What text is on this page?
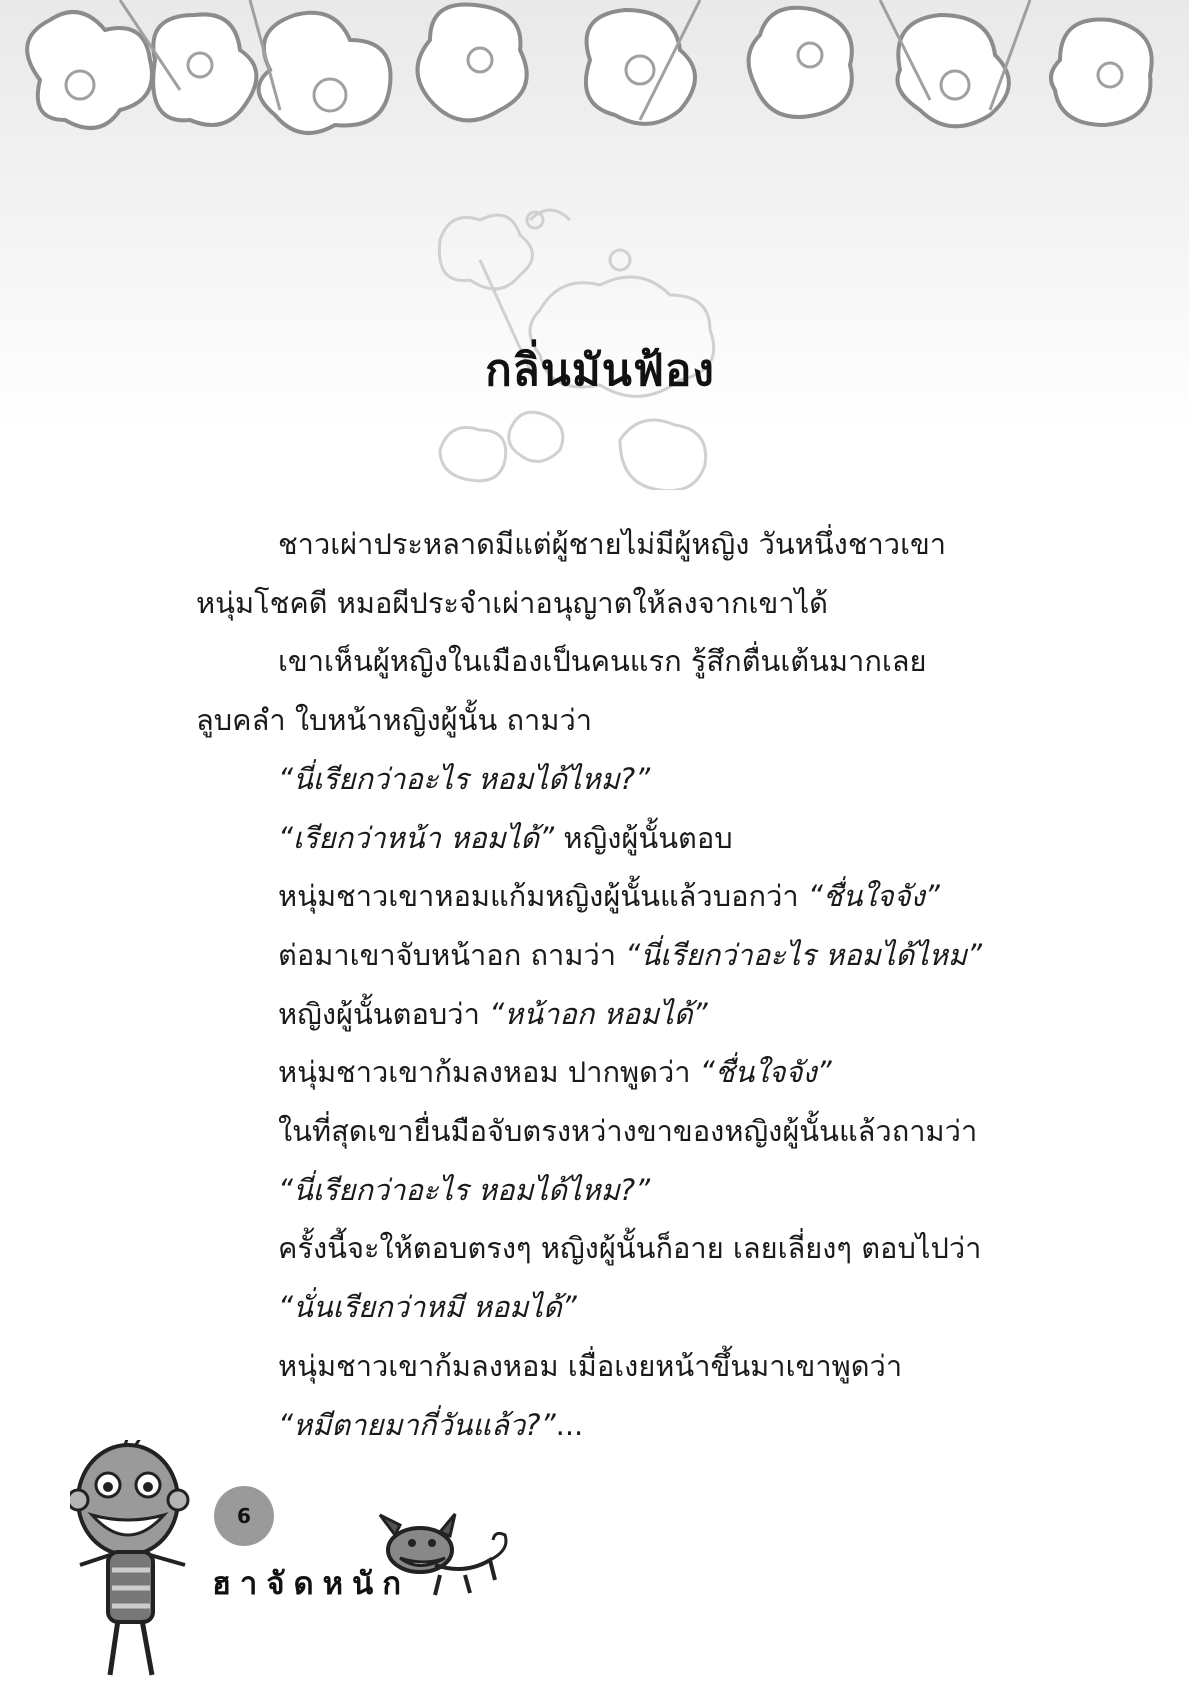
กลิ่นมันฟ้อง

ชาวเผ่าประหลาดมีแต่ผู้ชายไม่มีผู้หญิง วันหนึ่งชาวเขา

หนุ่มโชคดี หมอผีประจำเผ่าอนุญาตให้ลงจากเขาได้

เขาเห็นผู้หญิงในเมืองเป็นคนแรก รู้สึกตื่นเต้นมากเลย

ลูบคลำ ใบหน้าหญิงผู้นั้น ถามว่า

“นี่เรียกว่าอะไร หอมได้ไหม?”

“เรียกว่าหน้า หอมได้” หญิงผู้นั้นตอบ

หนุ่มชาวเขาหอมแก้มหญิงผู้นั้นแล้วบอกว่า “ชื่นใจจัง”

ต่อมาเขาจับหน้าอก ถามว่า “นี่เรียกว่าอะไร หอมได้ไหม”

หญิงผู้นั้นตอบว่า “หน้าอก หอมได้”

หนุ่มชาวเขาก้มลงหอม ปากพูดว่า “ชื่นใจจัง”

ในที่สุดเขายื่นมือจับตรงหว่างขาของหญิงผู้นั้นแล้วถามว่า

“นี่เรียกว่าอะไร หอมได้ไหม?”

ครั้งนี้จะให้ตอบตรงๆ หญิงผู้นั้นก็อาย เลยเลี่ยงๆ ตอบไปว่า

“นั่นเรียกว่าหมี หอมได้”

หนุ่มชาวเขาก้มลงหอม เมื่อเงยหน้าขึ้นมาเขาพูดว่า

“หมีตายมากี่วันแล้ว?”...

6
ฮาจัดหนัก
